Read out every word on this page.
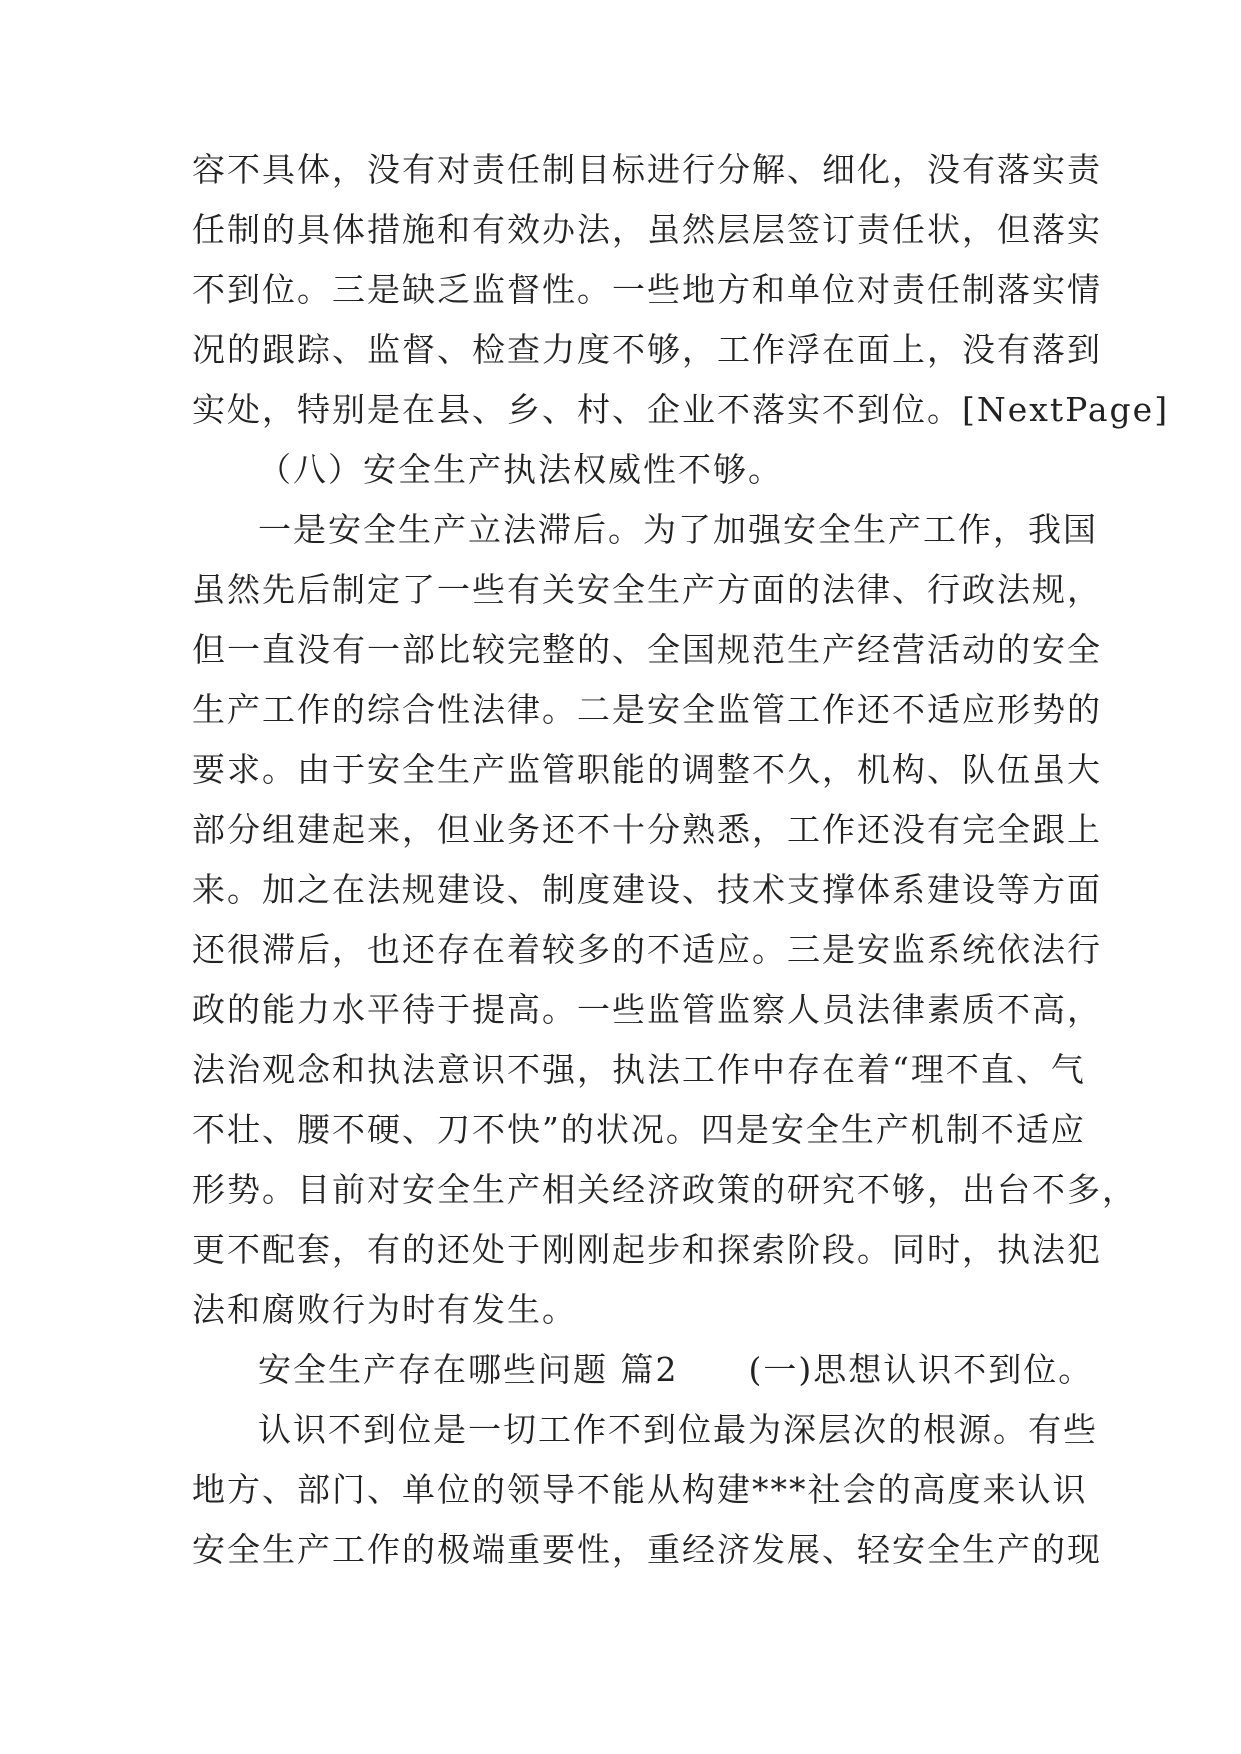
容不具体，没有对责任制目标进行分解、细化，没有落实责
任制的具体措施和有效办法，虽然层层签订责任状，但落实
不到位。三是缺乏监督性。一些地方和单位对责任制落实情
况的跟踪、监督、检查力度不够，工作浮在面上，没有落到
实处，特别是在县、乡、村、企业不落实不到位。[NextPage]
（八）安全生产执法权威性不够。
一是安全生产立法滞后。为了加强安全生产工作，我国
虽然先后制定了一些有关安全生产方面的法律、行政法规，
但一直没有一部比较完整的、全国规范生产经营活动的安全
生产工作的综合性法律。二是安全监管工作还不适应形势的
要求。由于安全生产监管职能的调整不久，机构、队伍虽大
部分组建起来，但业务还不十分熟悉，工作还没有完全跟上
来。加之在法规建设、制度建设、技术支撑体系建设等方面
还很滞后，也还存在着较多的不适应。三是安监系统依法行
政的能力水平待于提高。一些监管监察人员法律素质不高，
法治观念和执法意识不强，执法工作中存在着“理不直、气
不壮、腰不硬、刀不快”的状况。四是安全生产机制不适应
形势。目前对安全生产相关经济政策的研究不够，出台不多，
更不配套，有的还处于刚刚起步和探索阶段。同时，执法犯
法和腐败行为时有发生。
安全生产存在哪些问题 篇2　　(一)思想认识不到位。
认识不到位是一切工作不到位最为深层次的根源。有些
地方、部门、单位的领导不能从构建***社会的高度来认识
安全生产工作的极端重要性，重经济发展、轻安全生产的现
